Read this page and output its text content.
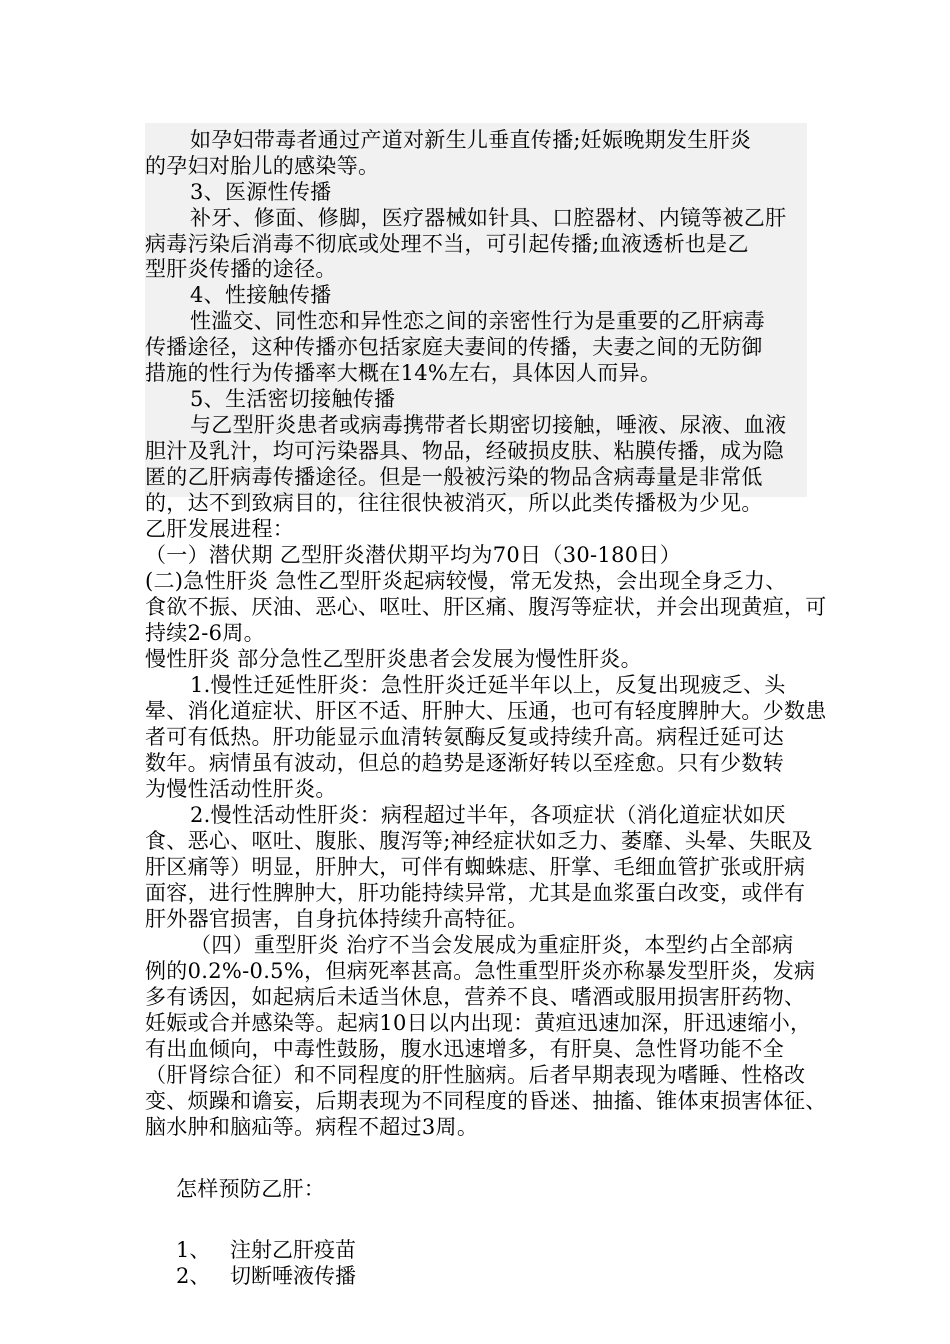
如孕妇带毒者通过产道对新生儿垂直传播;妊娠晚期发生肝炎
的孕妇对胎儿的感染等。
3、医源性传播
补牙、修面、修脚，医疗器械如针具、口腔器材、内镜等被乙肝
病毒污染后消毒不彻底或处理不当，可引起传播;血液透析也是乙
型肝炎传播的途径。
4、性接触传播
性滥交、同性恋和异性恋之间的亲密性行为是重要的乙肝病毒
传播途径，这种传播亦包括家庭夫妻间的传播，夫妻之间的无防御
措施的性行为传播率大概在14%左右，具体因人而异。
5、生活密切接触传播
与乙型肝炎患者或病毒携带者长期密切接触，唾液、尿液、血液
胆汁及乳汁，均可污染器具、物品，经破损皮肤、粘膜传播，成为隐
匿的乙肝病毒传播途径。但是一般被污染的物品含病毒量是非常低
的，达不到致病目的，往往很快被消灭，所以此类传播极为少见。
乙肝发展进程：
（一）潜伏期 乙型肝炎潜伏期平均为70日（30-180日）
(二)急性肝炎 急性乙型肝炎起病较慢，常无发热，会出现全身乏力、
食欲不振、厌油、恶心、呕吐、肝区痛、腹泻等症状，并会出现黄疸，可
持续2-6周。
慢性肝炎 部分急性乙型肝炎患者会发展为慢性肝炎。
1.慢性迁延性肝炎：急性肝炎迁延半年以上，反复出现疲乏、头
晕、消化道症状、肝区不适、肝肿大、压通，也可有轻度脾肿大。少数患
者可有低热。肝功能显示血清转氨酶反复或持续升高。病程迁延可达
数年。病情虽有波动，但总的趋势是逐渐好转以至痊愈。只有少数转
为慢性活动性肝炎。
2.慢性活动性肝炎：病程超过半年，各项症状（消化道症状如厌
食、恶心、呕吐、腹胀、腹泻等;神经症状如乏力、萎靡、头晕、失眠及
肝区痛等）明显，肝肿大，可伴有蜘蛛痣、肝掌、毛细血管扩张或肝病
面容，进行性脾肿大，肝功能持续异常，尤其是血浆蛋白改变，或伴有
肝外器官损害，自身抗体持续升高特征。
（四）重型肝炎 治疗不当会发展成为重症肝炎，本型约占全部病
例的0.2%-0.5%，但病死率甚高。急性重型肝炎亦称暴发型肝炎，发病
多有诱因，如起病后未适当休息，营养不良、嗜酒或服用损害肝药物、
妊娠或合并感染等。起病10日以内出现：黄疸迅速加深，肝迅速缩小，
有出血倾向，中毒性鼓肠，腹水迅速增多，有肝臭、急性肾功能不全
（肝肾综合征）和不同程度的肝性脑病。后者早期表现为嗜睡、性格改
变、烦躁和谵妄，后期表现为不同程度的昏迷、抽搐、锥体束损害体征、
脑水肿和脑疝等。病程不超过3周。
怎样预防乙肝：
1、 注射乙肝疫苗
2、 切断唾液传播
